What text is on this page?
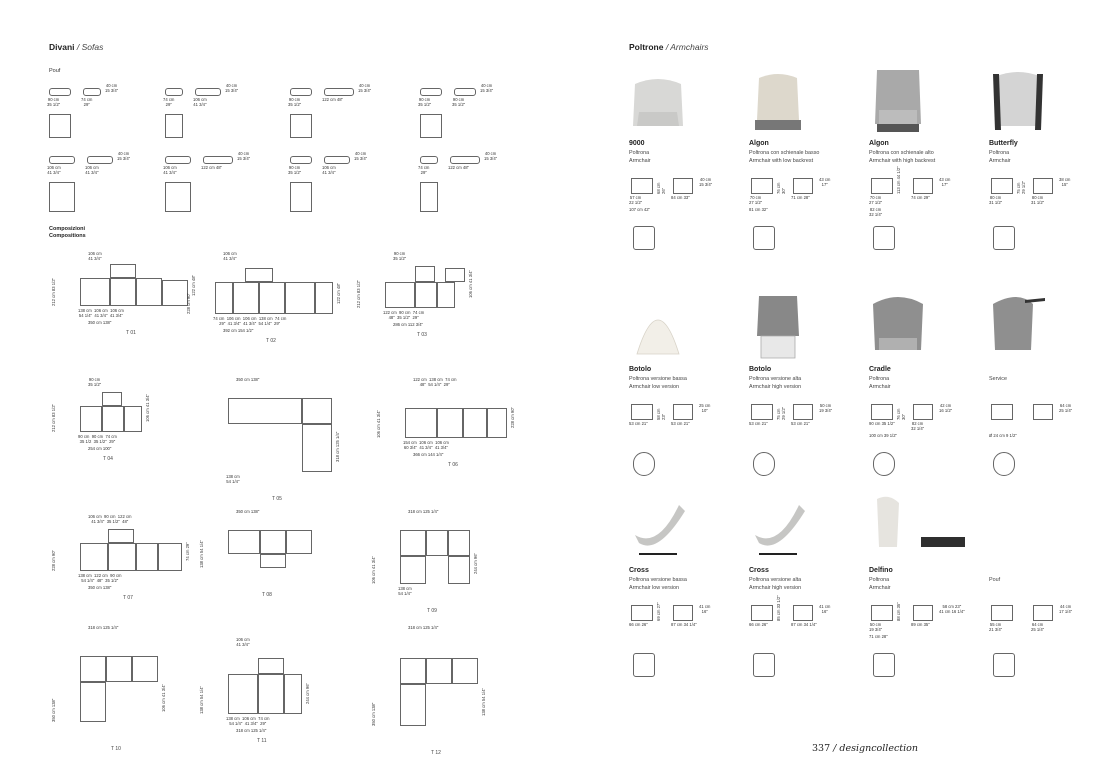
Divani / Sofas
Pouf
90 cm
35 1/2"
74 cm
29"
40 cm
15 3/4"
74 cm
29"
106 cm
41 3/4"
40 cm
15 3/4"
90 cm
35 1/2"
122 cm 48"
40 cm
15 3/4"
90 cm
35 1/2"
90 cm
35 1/2"
40 cm
15 3/4"
106 cm
41 3/4"
106 cm
41 3/4"
40 cm
15 3/4"
106 cm
41 3/4"
122 cm 48"
40 cm
15 3/4"
90 cm
35 1/2"
106 cm
41 3/4"
40 cm
15 3/4"
74 cm
29"
122 cm 48"
40 cm
15 3/4"
Composizioni
Compositions
106 cm
41 3/4"
138 cm  106 cm  106 cm
54 1/4"  41 3/4"  41 3/4"
350 cm 138"
212 cm 83 1/2"	122 cm 48"
T 01
106 cm
41 3/4"
74 cm  106 cm  106 cm  138 cm  74 cm
29"  41 3/4"  41 3/4"  54 1/4"  29"
392 cm 154 1/2"
228 cm 90"	122 cm 48"
T 02
90 cm
35 1/2"
122 cm  90 cm  74 cm
48"  35 1/2"  29"
286 cm 112 3/4"
212 cm 83 1/2"	106 cm 41 3/4"
T 03
90 cm
35 1/2"
90 cm  90 cm  74 cm
35 1/2  35 1/2"  29"
254 cm 100"
212 cm 83 1/2"	106 cm 41 3/4"
T 04
350 cm 138"
138 cm
54 1/4"
318 cm 125 1/4"
T 05
122 cm  138 cm  74 cm
48"  54 1/4"  29"
154 cm  106 cm  106 cm
60 3/4"  41 3/4"  41 3/4"
366 cm 144 1/4"
106 cm 41 3/4"	228 cm 90"
T 06
106 cm  90 cm  122 cm
41 3/4"  35 1/2"  48"
138 cm  122 cm  90 cm
54 1/4"  48"  35 1/2"
350 cm 138"
228 cm 90"	74 cm 29"
T 07
350 cm 138"
138 cm 54 1/4"
T 08
318 cm 125 1/4"
138 cm
54 1/4"
106 cm 41 3/4"	244 cm 96"
T 09
318 cm 125 1/4"
350 cm 138"	106 cm 41 3/4"
T 10
106 cm
41 3/4"
138 cm  106 cm  74 cm
54 1/4"  41 3/4"  29"
318 cm 125 1/4"
138 cm 54 1/4"	244 cm 96"
T 11
318 cm 125 1/4"
350 cm 138"	138 cm 54 1/4"
T 12
Poltrone / Armchairs
9000
Poltrona
Armchair
57 cm
22 1/2"
84 cm 33"
40 cm
15 3/4"
68 cm
26"
107 cm 42"
Algon
Poltrona con schienale basso
Armchair with low backrest
70 cm
27 1/2"
71 cm 28"
43 cm
17"
76 cm
30"
81 cm 32"
Algon
Poltrona con schienale alto
Armchair with high backrest
70 cm
27 1/2"
74 cm 29"
43 cm
17"
113 cm 44 1/2"
82 cm
32 1/4"
Butterfly
Poltrona
Armchair
80 cm
31 1/2"
80 cm
31 1/2"
38 cm
15"
75 cm
29 1/2"
Botolo
Poltrona versione bassa
Armchair low version
53 cm 21"	53 cm 21"
25 cm
10"
58 cm
23"
Botolo
Poltrona versione alta
Armchair high version
53 cm 21"	53 cm 21"
50 cm
19 3/4"
75 cm
29 1/2"
Cradle
Poltrona
Armchair
90 cm 35 1/2"	82 cm
32 1/4"
42 cm
16 1/2"
76 cm
30"
100 cm 39 1/2"
Service
64 cm
25 1/4"
Ø 24 cm 9 1/2"
Cross
Poltrona versione bassa
Armchair low version
66 cm 26"	87 cm 34 1/4"
41 cm
16"
69 cm 27"
Cross
Poltrona versione alta
Armchair high version
66 cm 26"	87 cm 34 1/4"
41 cm
16"
85 cm 33 1/2"
Delfino
Poltrona
Armchair
50 cm
19 3/4"
89 cm 35"
58 cm 23"
41 cm 16 1/4"
88 cm 35"
71 cm 28"
Pouf
55 cm
21 3/4"
64 cm
25 1/4"
44 cm
17 1/4"
337 / designcollection
